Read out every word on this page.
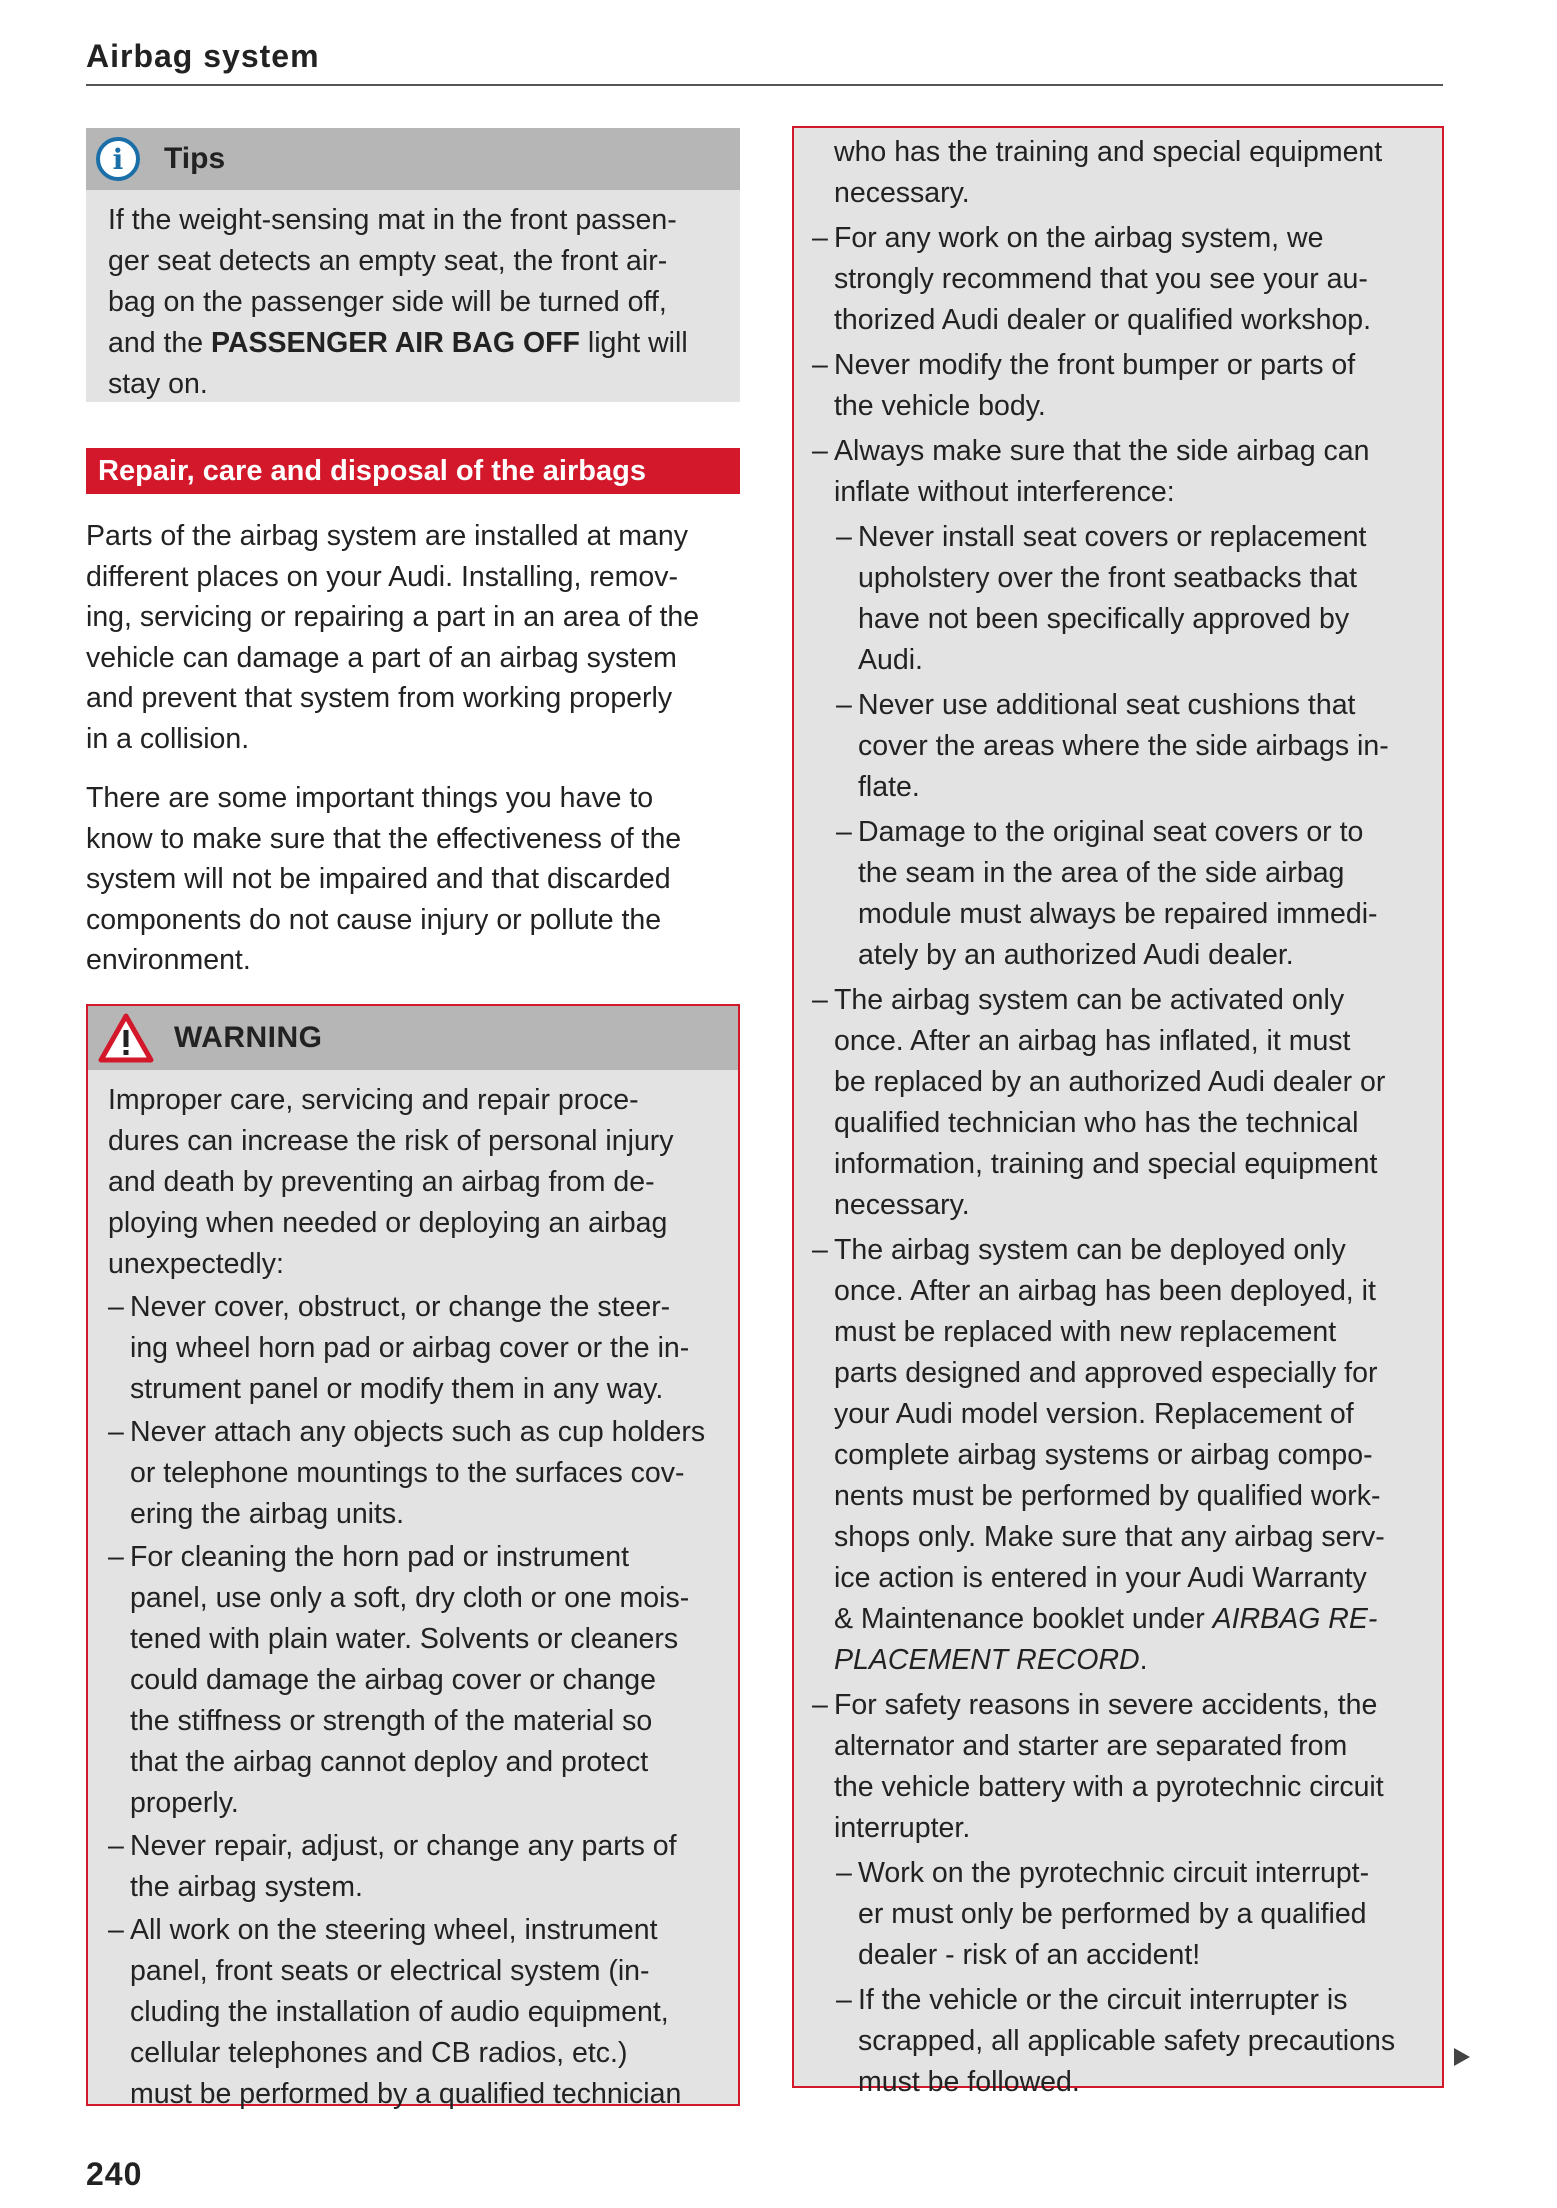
Airbag system
i	Tips
If the weight-sensing mat in the front passen-
ger seat detects an empty seat, the front air-
bag on the passenger side will be turned off,
and the PASSENGER AIR BAG OFF light will
stay on.
Repair, care and disposal of the airbags
Parts of the airbag system are installed at many
different places on your Audi. Installing, remov-
ing, servicing or repairing a part in an area of the
vehicle can damage a part of an airbag system
and prevent that system from working properly
in a collision.
There are some important things you have to
know to make sure that the effectiveness of the
system will not be impaired and that discarded
components do not cause injury or pollute the
environment.
WARNING
Improper care, servicing and repair proce-
dures can increase the risk of personal injury
and death by preventing an airbag from de-
ploying when needed or deploying an airbag
unexpectedly:
– Never cover, obstruct, or change the steer-
ing wheel horn pad or airbag cover or the in-
strument panel or modify them in any way.
– Never attach any objects such as cup holders
or telephone mountings to the surfaces cov-
ering the airbag units.
– For cleaning the horn pad or instrument
panel, use only a soft, dry cloth or one mois-
tened with plain water. Solvents or cleaners
could damage the airbag cover or change
the stiffness or strength of the material so
that the airbag cannot deploy and protect
properly.
– Never repair, adjust, or change any parts of
the airbag system.
– All work on the steering wheel, instrument
panel, front seats or electrical system (in-
cluding the installation of audio equipment,
cellular telephones and CB radios, etc.)
must be performed by a qualified technician
who has the training and special equipment
necessary.
– For any work on the airbag system, we
strongly recommend that you see your au-
thorized Audi dealer or qualified workshop.
– Never modify the front bumper or parts of
the vehicle body.
– Always make sure that the side airbag can
inflate without interference:
– Never install seat covers or replacement
upholstery over the front seatbacks that
have not been specifically approved by
Audi.
– Never use additional seat cushions that
cover the areas where the side airbags in-
flate.
– Damage to the original seat covers or to
the seam in the area of the side airbag
module must always be repaired immedi-
ately by an authorized Audi dealer.
– The airbag system can be activated only
once. After an airbag has inflated, it must
be replaced by an authorized Audi dealer or
qualified technician who has the technical
information, training and special equipment
necessary.
– The airbag system can be deployed only
once. After an airbag has been deployed, it
must be replaced with new replacement
parts designed and approved especially for
your Audi model version. Replacement of
complete airbag systems or airbag compo-
nents must be performed by qualified work-
shops only. Make sure that any airbag serv-
ice action is entered in your Audi Warranty
& Maintenance booklet under AIRBAG RE-
PLACEMENT RECORD.
– For safety reasons in severe accidents, the
alternator and starter are separated from
the vehicle battery with a pyrotechnic circuit
interrupter.
– Work on the pyrotechnic circuit interrupt-
er must only be performed by a qualified
dealer - risk of an accident!
– If the vehicle or the circuit interrupter is
scrapped, all applicable safety precautions
must be followed.
240
